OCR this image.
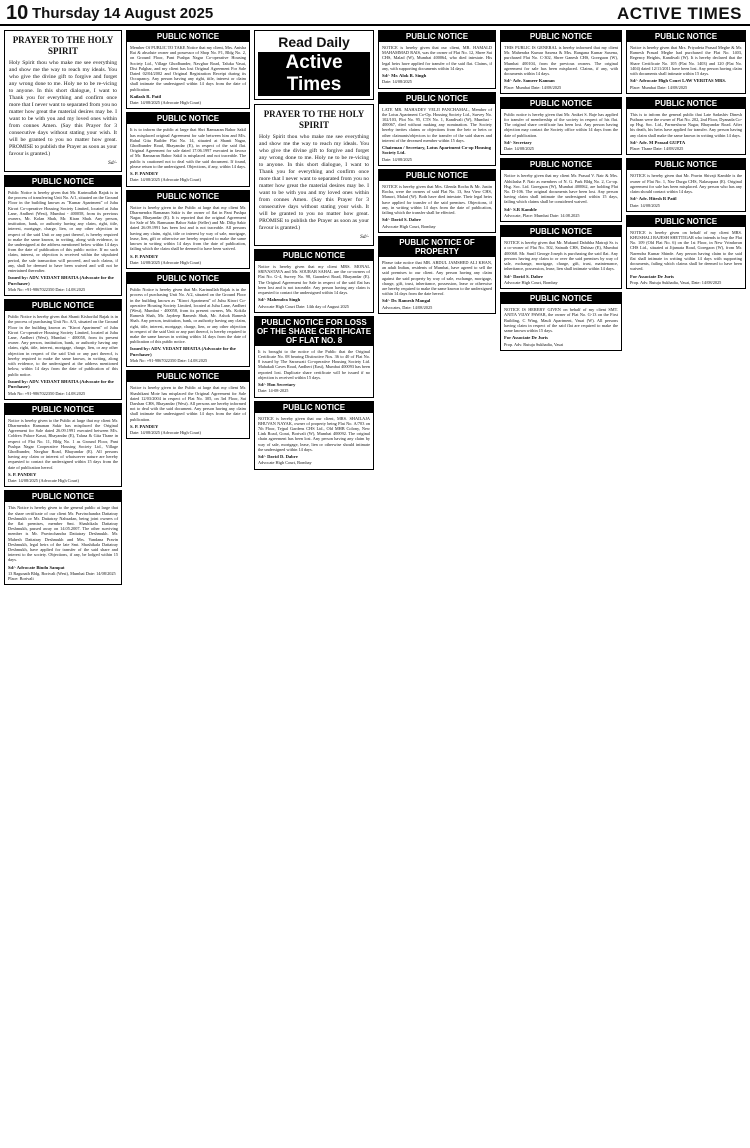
10 Thursday 14 August 2025	ACTIVE TIMES
PRAYER TO THE HOLY SPIRIT
Holy Spirit thou who make me see everything and show me the way to reach my ideals. You who give the divine gift to forgive and forget any wrong done to me. Holy ne to be re-vicing to anyone. In this short dialogue, I want to Thank you for everything and confirm once more that I never want to separated from you no matter how great the material desires may be. I want to be with you and my loved ones within from connes Amen. (Say this Prayer for 3 consecutive days without stating your wish. It will be granted to you no matter how great. PROMISE to publish the Prayer as soon as your favour is granted.)
Sd/-
PUBLIC NOTICE
Public Notice is hereby given that Mr. Karimullah Rajak is in the process of transferring Unit No. A/1, situated on the Ground Floor in the building known as "Kumar Apartment" of Juhu Kirori Co-operative Housing Society Limited, located at Juhu Lane, Andheri (West), Mumbai - 400058, from its previous owners, Mr. Kolan Shah, Mr. Kiran Shah. Any person, institution, bank, or authority having any claim, right, title, interest, mortgage, charge, lien, or any other objection in respect of the said Unit or any part thereof, is hereby required to make the same known, in writing, along with evidence, to the undersigned at the address mentioned below within 14 days from the date of publication of this public notice. If no such claim, interest, or objection is received within the stipulated period, the sale transaction will proceed, and such claims, if any, shall be deemed to have been waived and will not be entertained thereafter.
Issued by: ADV. VEDANT BHATIA (Advocate for the Purchaser)
Mob No: +91-9867022350 Date: 14.08.2025
PUBLIC NOTICE
Public Notice is hereby given that Shanti Kishorilal Rajak is in the process of purchasing Unit No. A/3, situated on the Ground Floor in the building known as "Kirori Apartment" of Juhu Kirori Co-operative Housing Society Limited, located at Juhu Lane, Andheri (West), Mumbai - 400058, from its present owner. Any person, institution, bank, or authority having any claim, right, title, interest, mortgage, charge, lien, or any other objection in respect of the said Unit or any part thereof, is hereby required to make the same known, in writing, along with evidence, to the undersigned at the address mentioned below, within 14 days from the date of publication of this public notice.
Issued by: ADV. VEDANT BHATIA (Advocate for the Purchaser)
Mob No: +91-9867022350 Date: 14.08.2025
PUBLIC NOTICE
Notice is hereby given to the Public at large that my client Mr. Dharmendra Ramanan Sakir has misplaced the Original Agreement for Sale dated 26.09.1991 executed between M/s. Coldrex Palace Kasai, Bhayandar (E), Talasa & Gita Thane in respect of Flat No. 11, Bldg No. 1 as Ground Floor, Pant Pushpa Nagar Cooperative Housing Society Ltd., Village Ghodbunder, Navghar Road, Bhayandar (E). All persons having any claim or interest of whatsoever nature are hereby requested to contact the undersigned within 15 days from the date of publication hereof.
S. P. PANDEY
Date: 14/08/2025 (Advocate High Court)
PUBLIC NOTICE
This Notice is hereby given to the general public at large that the share certificate of our client Mr. Pravinchandra Dattatray Deshmukh or Mr. Dattatray Nahsadan, being joint owners of the flat premises, member Smt. Shashikala Dattatray Deshmukh, passed away on 14.05.2007. The other surviving member is Mr. Pravinchandra Dattatray Deshmukh. Mr. Mahesh Dattatray Deshmukh and Mrs. Vandana Pravin Deshmukh, legal heirs of the late Smt. Shashikala Dattatray Deshmukh, have applied for transfer of the said share and interest to the society. Objections, if any, be lodged within 15 days.
Sd/- Advocate Bindu Sampat
13 Ragunath Bldg. Borivali (West), Mumbai Date: 14/08/2025 Place: Borivali
PUBLIC NOTICE
Member Of PUBLIC TO TAKE Notice that my client, Mrs. Anisha Rai & absolute owner and possessor of Shop No. F1, Bldg No. 2, on Ground Floor, Pant Pushpa Nagar Co-operative Housing Society Ltd., Village Ghodbunder, Navghar Road, Taluka Vasai, Dist Palghar, and my client has lost Original Agreement For Sale Dated 02/04/2002 and Original Registration Receipt during its Occupancy. Any person having any right, title, interest or claim shall intimate the undersigned within 14 days from the date of publication.
Kailash R. Patil
Date: 14/08/2025 (Advocate High Court)
PUBLIC NOTICE
It is to inform the public at large that Shri Ramsaran Bahor Sakil has misplaced original Agreement for sale between him and M/s. Rahul Gita Builder Flat No. 14, situated at Shanti Nagar, Ghodbunder Road, Bhayandar (E), in respect of the said flat. Original Agreement for sale dated 17.06.1997 executed in favour of Mr. Ramsaran Bahor Sakil is misplaced and not traceable. The public is cautioned not to deal with the said document. If found, please return to the undersigned. Objections, if any, within 14 days.
S. P. PANDEY
Date: 14/08/2025 (Advocate High Court)
PUBLIC NOTICE
Notice is hereby given to the Public at large that my client Mr. Dharmendra Ramanan Sakir is the owner of flat in Pant Pushpa Nagar, Bhayandar (E). It is reported that the original Agreement for Sale of Mr. Ramsaran Bahor Sakir (Seller) and Mr. Dilip Sakir dated 26.09.1991 has been lost and is not traceable. All persons having any claim, right, title or interest by way of sale, mortgage, lease, lien, gift or otherwise are hereby required to make the same known in writing within 14 days from the date of publication, failing which the claim shall be deemed to have been waived.
S. P. PANDEY
Date: 14/08/2025 (Advocate High Court)
PUBLIC NOTICE
Public Notice is hereby given that Mr. Karimullah Rajak is in the process of purchasing Unit No. A/2, situated on the Ground Floor in the building known as "Kirori Apartment" of Juhu Kirori Co-operative Housing Society Limited, located at Juhu Lane, Andheri (West), Mumbai - 400058, from its present owners, Ms. Kokila Ramesh Shah, Mr. Jaydeep Ramesh Shah, Mr. Ashok Ramesh Shah. Any person, institution, bank, or authority having any claim, right, title, interest, mortgage, charge, lien, or any other objection in respect of the said Unit or any part thereof, is hereby required to make the same known in writing within 14 days from the date of publication of this public notice.
Issued by: ADV. VEDANT BHATIA (Advocate for the Purchaser)
Mob No: +91-9867022350 Date: 14.08.2025
PUBLIC NOTICE
Notice is hereby given to the Public at large that my client Mr. Shashikant Mote has misplaced the Original Agreement for Sale dated 12/03/2004 in respect of Flat No. 305, on 3rd Floor, Sai Darshan CHS, Bhayandar (West). All persons are hereby informed not to deal with the said document. Any person having any claim shall intimate the undersigned within 14 days from the date of publication.
S. P. PANDEY
Date: 14/08/2025 (Advocate High Court)
Read Daily
Active Times
PRAYER TO THE HOLY SPIRIT
Holy Spirit thou who make me see everything and show me the way to reach my ideals. You who give the divine gift to forgive and forget any wrong done to me. Holy ne to be re-vicing to anyone. In this short dialogue, I want to Thank you for everything and confirm once more that I never want to separated from you no matter how great the material desires may be. I want to be with you and my loved ones within from connes Amen. (Say this Prayer for 3 consecutive days without stating your wish. It will be granted to you no matter how great. PROMISE to publish the Prayer as soon as your favour is granted.)
Sd/-
PUBLIC NOTICE
Notice is hereby given that my client MRS. MONAL SRIVASTAVA and Mr. SOURAB SAHAL are the co-owners of Flat No. G-4, Survey No. 98, Gaondevi Road, Bhayandar (E). The Original Agreement for Sale in respect of the said flat has been lost and is not traceable. Any person having any claim is requested to contact the undersigned within 14 days.
Sd/- Mahendra Singh
Advocate High Court Date: 14th day of August 2025
PUBLIC NOTICE FOR LOSS OF THE SHARE CERTIFICATE OF FLAT NO. 8
It is brought to the notice of the Public that the Original Certificate No. 08 bearing Distinctive Nos. 36 to 40 of Flat No. 8 issued by The Saraswati Co-operative Housing Society Ltd. Mahakali Caves Road, Andheri (East), Mumbai 400093 has been reported lost. Duplicate share certificate will be issued if no objection is received within 15 days.
Sd/- Hon Secretary
Date: 14-08-2025
PUBLIC NOTICE
NOTICE is hereby given that our client, MRS. SHAILAJA BHUVAN NAYAK, owner of property being Flat No. A/703 on 7th Floor, Tejpal Gardens CHS Ltd., Old MHB Colony, New Link Road, Gorai, Borivali (W), Mumbai 400092. The original chain agreement has been lost. Any person having any claim by way of sale, mortgage, lease, lien or otherwise should intimate the undersigned within 14 days.
Sd/- David D. Dabre
Advocate High Court, Bombay
PUBLIC NOTICE
NOTICE is hereby given that our client, MR. HAMALD MAHAMMAD RAIS, was the owner of Flat No. 12, Shree Sai CHS, Malad (W), Mumbai 400064, who died intestate. His legal heirs have applied for transfer of the said flat. Claims, if any, with supporting documents within 14 days.
Sd/- Mr. Alok B. Singh
Date: 14/08/2025
PUBLIC NOTICE
LATE MR. MAHADEV VELJI PANCHAMAL, Member of the Lotus Apartment Co-Op. Housing Society Ltd., Survey No. 102/103, Plot No. 95, CTS No. 1, Kandivali (W), Mumbai - 400067, died without making any nomination. The Society hereby invites claims or objections from the heir or heirs or other claimants/objectors to the transfer of the said shares and interest of the deceased member within 15 days.
Chairman / Secretary, Lotus Apartment Co-op Housing Society Ltd.
Date: 14/08/2025
PUBLIC NOTICE
NOTICE is hereby given that Mrs. Glenda Rocha & Mr. Justin Rocha, were the owners of said Flat No. 13, Sea View CHS, Manori, Malad (W). Both have died intestate. Their legal heirs have applied for transfer of the said premises. Objections, if any, in writing within 14 days from the date of publication, failing which the transfer shall be effected.
Sd/- David S. Dabre
Advocate High Court, Bombay
PUBLIC NOTICE OF PROPERTY
Please take notice that MR. ABDUL JAMSHED ALI KHAN, an adult Indian, residents of Mumbai, have agreed to sell the said premises to our client. Any person having any claim against the said property by way of sale, exchange, mortgage, charge, gift, trust, inheritance, possession, lease or otherwise are hereby required to make the same known to the undersigned within 14 days from the date hereof.
Sd/- Dr. Ramesh Mangal
Advocates, Date: 14/08/2025
PUBLIC NOTICE
THIS PUBLIC IS GENERAL is hereby informed that my client Mr. Mahendra Kumar Saxena & Mrs. Rangana Kumar Saxena, purchased Flat No. C-302, Shree Ganesh CHS, Goregaon (W), Mumbai 400104, from the previous owners. The original agreement for sale has been misplaced. Claims, if any, with documents within 14 days.
Sd/- Adv. Sameer Kannan
Place: Mumbai Date: 14/08/2025
PUBLIC NOTICE
Public notice is hereby given that Mr. Aniket S. Raje has applied for transfer of membership of the society in respect of his flat. The original share certificate has been lost. Any person having objection may contact the Society office within 14 days from the date of publication.
Sd/- Secretary
Date: 14/08/2025
PUBLIC NOTICE
Notice is hereby given that my client Mr. Prasad V. Nair & Mrs. Abhilasha P. Nair as members of N. G. Park Bldg No. 2, Co-op. Hsg. Soc. Ltd. Goregaon (W), Mumbai 400062, are holding Flat No. D-106. The original documents have been lost. Any person having claim shall intimate the undersigned within 15 days, failing which claims shall be considered waived.
Sd/- S.R Kamble
Advocate, Place: Mumbai Date: 14.08.2025
PUBLIC NOTICE
NOTICE is hereby given that Mr. Mukund Dahibha Matraji Sr. is a co-owner of Flat No. 502, Sainath CHS, Dahisar (E), Mumbai 400068. Mr. Sunil George Joseph is purchasing the said flat. Any persons having any claim to or over the said premises by way of sale, exchange, mortgage, charge, gift, trust, maintenance, inheritance, possession, lease, lien shall intimate within 14 days.
Sd/- David S. Dabre
Advocate High Court, Bombay
PUBLIC NOTICE
NOTICE IS HEREBY GIVEN on behalf of my client SMT. ANITA VIJAY PAWAR, the owner of Flat No. G-13 on the First Building, C Wing, Mauli Apartment, Vasai (W). All persons having claim in respect of the said flat are required to make the same known within 15 days.
For Associate De Juris
Prop. Adv. Rutuja Sukhadia, Vasai
PUBLIC NOTICE
Notice is hereby given that Mrs. Priyadeta Prasad Meghe & Mr. Ramesh Prasad Meghe had purchased the Flat No. 1403, Regency Heights, Kandivali (W). It is hereby declared that the Share Certificate No. 105 (Flat No. 1403) and 120 (Flat No. 1404) dated 12/11/2011 have been lost. Any person having claim with documents shall intimate within 15 days.
Sd/- Advocate High Court LAW VERITAS MRS.
Place: Mumbai Date: 14/08/2025
PUBLIC NOTICE
This is to inform the general public that Late Sadashiv Dinesh Puthran were the owner of Flat No. 202, 2nd Floor, Dyanada Co-op Hsg. Soc. Ltd., Parmeshwar Nagar, Bhayandar Road. After his death, his heirs have applied for transfer. Any person having any claim shall make the same known in writing within 14 days.
Sd/- Adv. M Prasad GUPTA
Place: Thane Date: 14/08/2025
PUBLIC NOTICE
NOTICE is hereby given that Mr. Pravin Shivaji Kamble is the owner of Flat No. 1, Nav Durga CHS, Nalasopara (E). Original agreement for sale has been misplaced. Any person who has any claim should contact within 14 days.
Sd/- Adv. Hitesh R Patil
Date: 14/08/2025
PUBLIC NOTICE
NOTICE is hereby given on behalf of my client MRS. KHUSHALI RAJESH SHETTIGAR who intends to buy the Flat No. 109 (Old Flat No. 6) on the 1st Floor, in New Vrindavan CHS Ltd., situated at Jijamata Road, Goregaon (W), from Mr. Narendra Kumar Shinde. Any person having claim to the said flat shall intimate in writing within 14 days with supporting documents, failing which claims shall be deemed to have been waived.
For Associate De Juris
Prop. Adv. Rutuja Sukhadia, Vasai, Date: 14/08/2025
